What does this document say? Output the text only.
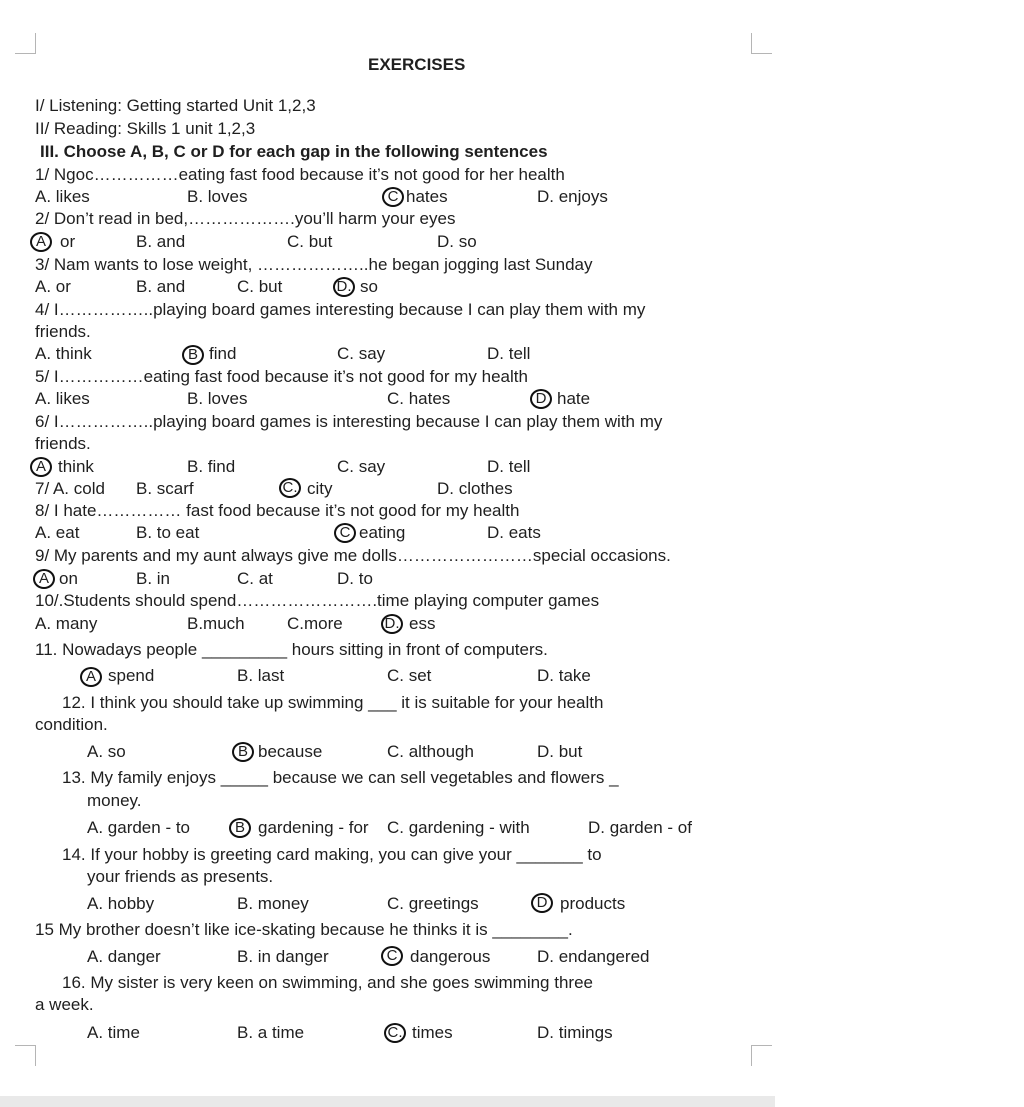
EXERCISES
I/ Listening: Getting started Unit 1,2,3
II/ Reading: Skills 1 unit 1,2,3
III. Choose A, B, C or D for each gap in the following sentences
1/ Ngoc……………eating fast food because it’s not good for her health
A. likes	B. loves	C hates	D. enjoys
2/ Don’t read in bed,……………….you’ll harm your eyes
A or	B. and	C. but	D. so
3/ Nam wants to lose weight, ………………..he began jogging last Sunday
A. or	B. and	C. but	D. so
4/ I……………..playing board games interesting because I can play them with my
friends.
A. think	B find	C. say	D. tell
5/ I……………eating fast food because it’s not good for my health
A. likes	B. loves	C. hates	D hate
6/ I……………..playing board games is interesting because I can play them with my
friends.
A think	B. find	C. say	D. tell
7/ A. cold B. scarf	C. city	D. clothes
8/ I hate…………… fast food because it’s not good for my health
A. eat	B. to eat	C eating	D. eats
9/ My parents and my aunt always give me dolls……………………special occasions.
A on	B. in	C. at	D. to
10/.Students should spend…………………….time playing computer games
A. many	B.much C.more	D. ess
11. Nowadays people _________ hours sitting in front of computers.
A spend	B. last	C. set	D. take
12. I think you should take up swimming ___ it is suitable for your health
condition.
A. so	B because	C. although	D. but
13. My family enjoys _____ because we can sell vegetables and flowers _
money.
A. garden - to	B gardening - for C. gardening - with	D. garden - of
14. If your hobby is greeting card making, you can give your _______ to
your friends as presents.
A. hobby	B. money	C. greetings	D products
15 My brother doesn’t like ice-skating because he thinks it is ________.
A. danger	B. in danger	C dangerous	D. endangered
16. My sister is very keen on swimming, and she goes swimming three
a week.
A. time	B. a time	C. times	D. timings
